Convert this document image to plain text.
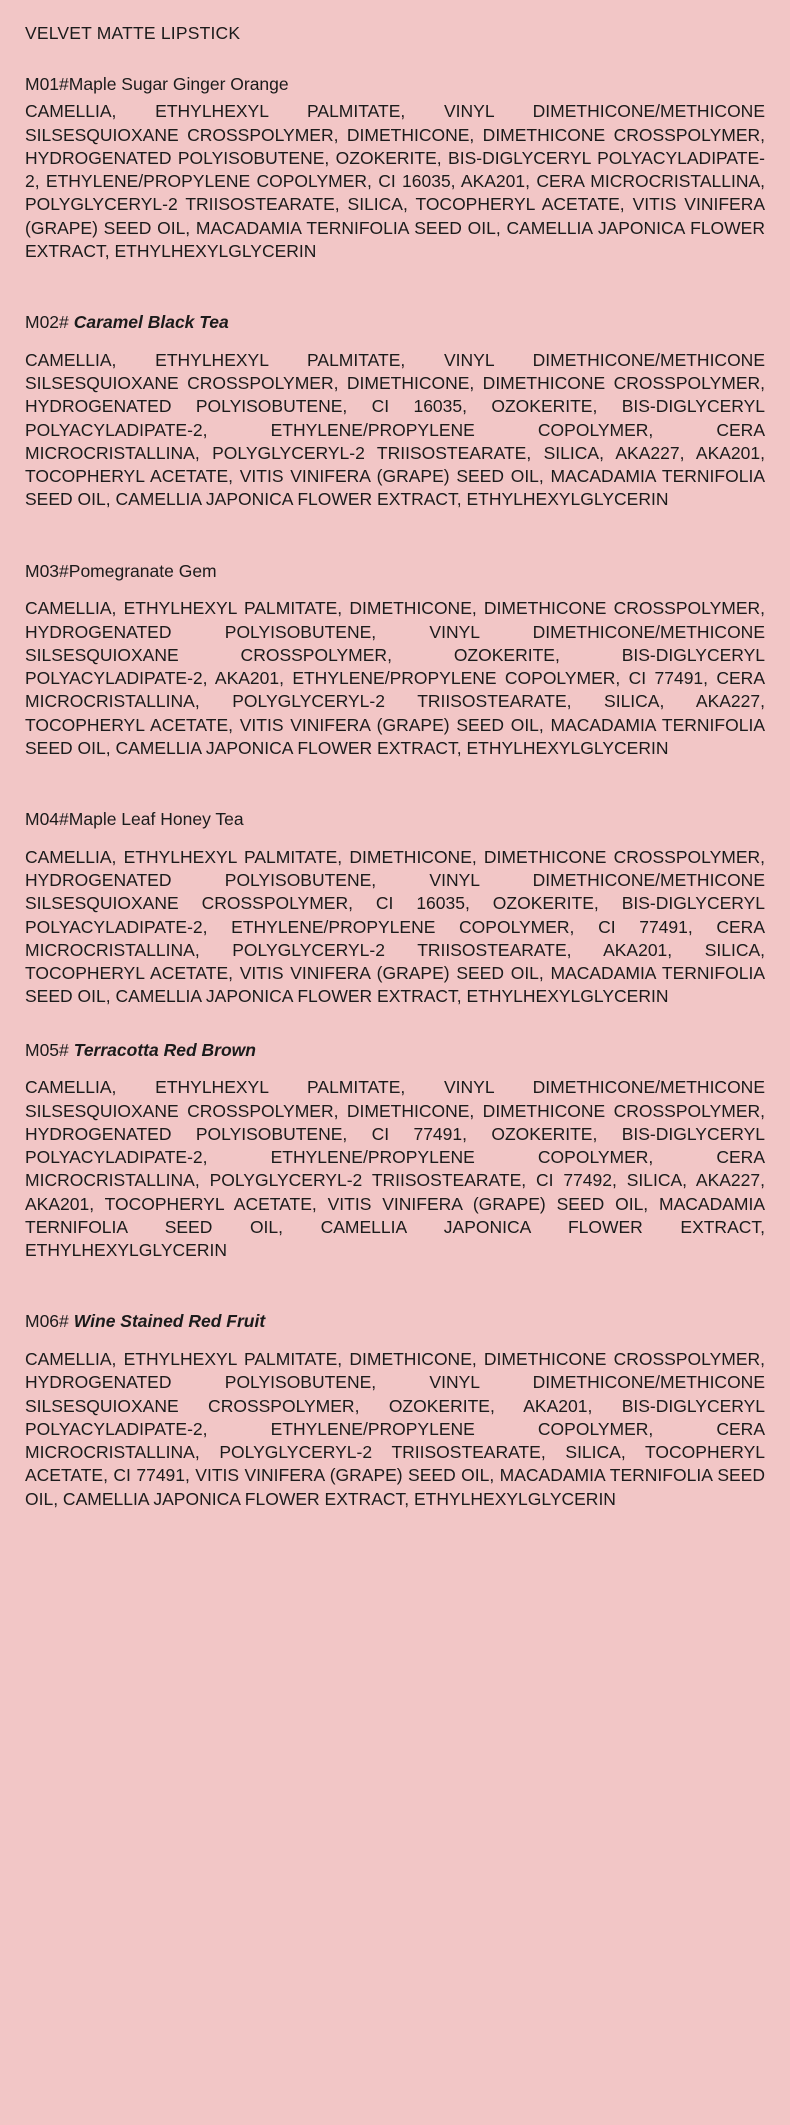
VELVET MATTE LIPSTICK
M01#Maple Sugar Ginger Orange

CAMELLIA, ETHYLHEXYL PALMITATE, VINYL DIMETHICONE/METHICONE SILSESQUIOXANE CROSSPOLYMER, DIMETHICONE, DIMETHICONE CROSSPOLYMER, HYDROGENATED POLYISOBUTENE, OZOKERITE, BIS-DIGLYCERYL POLYACYLADIPATE-2, ETHYLENE/PROPYLENE COPOLYMER, CI 16035, AKA201, CERA MICROCRISTALLINA, POLYGLYCERYL-2 TRIISOSTEARATE, SILICA, TOCOPHERYL ACETATE, VITIS VINIFERA (GRAPE) SEED OIL, MACADAMIA TERNIFOLIA SEED OIL, CAMELLIA JAPONICA FLOWER EXTRACT, ETHYLHEXYLGLYCERIN

M02# Caramel Black Tea

CAMELLIA, ETHYLHEXYL PALMITATE, VINYL DIMETHICONE/METHICONE SILSESQUIOXANE CROSSPOLYMER, DIMETHICONE, DIMETHICONE CROSSPOLYMER, HYDROGENATED POLYISOBUTENE, CI 16035, OZOKERITE, BIS-DIGLYCERYL POLYACYLADIPATE-2, ETHYLENE/PROPYLENE COPOLYMER, CERA MICROCRISTALLINA, POLYGLYCERYL-2 TRIISOSTEARATE, SILICA, AKA227, AKA201, TOCOPHERYL ACETATE, VITIS VINIFERA (GRAPE) SEED OIL, MACADAMIA TERNIFOLIA SEED OIL, CAMELLIA JAPONICA FLOWER EXTRACT, ETHYLHEXYLGLYCERIN

M03#Pomegranate Gem

CAMELLIA, ETHYLHEXYL PALMITATE, DIMETHICONE, DIMETHICONE CROSSPOLYMER, HYDROGENATED POLYISOBUTENE, VINYL DIMETHICONE/METHICONE SILSESQUIOXANE CROSSPOLYMER, OZOKERITE, BIS-DIGLYCERYL POLYACYLADIPATE-2, AKA201, ETHYLENE/PROPYLENE COPOLYMER, CI 77491, CERA MICROCRISTALLINA, POLYGLYCERYL-2 TRIISOSTEARATE, SILICA, AKA227, TOCOPHERYL ACETATE, VITIS VINIFERA (GRAPE) SEED OIL, MACADAMIA TERNIFOLIA SEED OIL, CAMELLIA JAPONICA FLOWER EXTRACT, ETHYLHEXYLGLYCERIN

M04#Maple Leaf Honey Tea

CAMELLIA, ETHYLHEXYL PALMITATE, DIMETHICONE, DIMETHICONE CROSSPOLYMER, HYDROGENATED POLYISOBUTENE, VINYL DIMETHICONE/METHICONE SILSESQUIOXANE CROSSPOLYMER, CI 16035, OZOKERITE, BIS-DIGLYCERYL POLYACYLADIPATE-2, ETHYLENE/PROPYLENE COPOLYMER, CI 77491, CERA MICROCRISTALLINA, POLYGLYCERYL-2 TRIISOSTEARATE, AKA201, SILICA, TOCOPHERYL ACETATE, VITIS VINIFERA (GRAPE) SEED OIL, MACADAMIA TERNIFOLIA SEED OIL, CAMELLIA JAPONICA FLOWER EXTRACT, ETHYLHEXYLGLYCERIN

M05# Terracotta Red Brown

CAMELLIA, ETHYLHEXYL PALMITATE, VINYL DIMETHICONE/METHICONE SILSESQUIOXANE CROSSPOLYMER, DIMETHICONE, DIMETHICONE CROSSPOLYMER, HYDROGENATED POLYISOBUTENE, CI 77491, OZOKERITE, BIS-DIGLYCERYL POLYACYLADIPATE-2, ETHYLENE/PROPYLENE COPOLYMER, CERA MICROCRISTALLINA, POLYGLYCERYL-2 TRIISOSTEARATE, CI 77492, SILICA, AKA227, AKA201, TOCOPHERYL ACETATE, VITIS VINIFERA (GRAPE) SEED OIL, MACADAMIA TERNIFOLIA SEED OIL, CAMELLIA JAPONICA FLOWER EXTRACT, ETHYLHEXYLGLYCERIN

M06# Wine Stained Red Fruit

CAMELLIA, ETHYLHEXYL PALMITATE, DIMETHICONE, DIMETHICONE CROSSPOLYMER, HYDROGENATED POLYISOBUTENE, VINYL DIMETHICONE/METHICONE SILSESQUIOXANE CROSSPOLYMER, OZOKERITE, AKA201, BIS-DIGLYCERYL POLYACYLADIPATE-2, ETHYLENE/PROPYLENE COPOLYMER, CERA MICROCRISTALLINA, POLYGLYCERYL-2 TRIISOSTEARATE, SILICA, TOCOPHERYL ACETATE, CI 77491, VITIS VINIFERA (GRAPE) SEED OIL, MACADAMIA TERNIFOLIA SEED OIL, CAMELLIA JAPONICA FLOWER EXTRACT, ETHYLHEXYLGLYCERIN
